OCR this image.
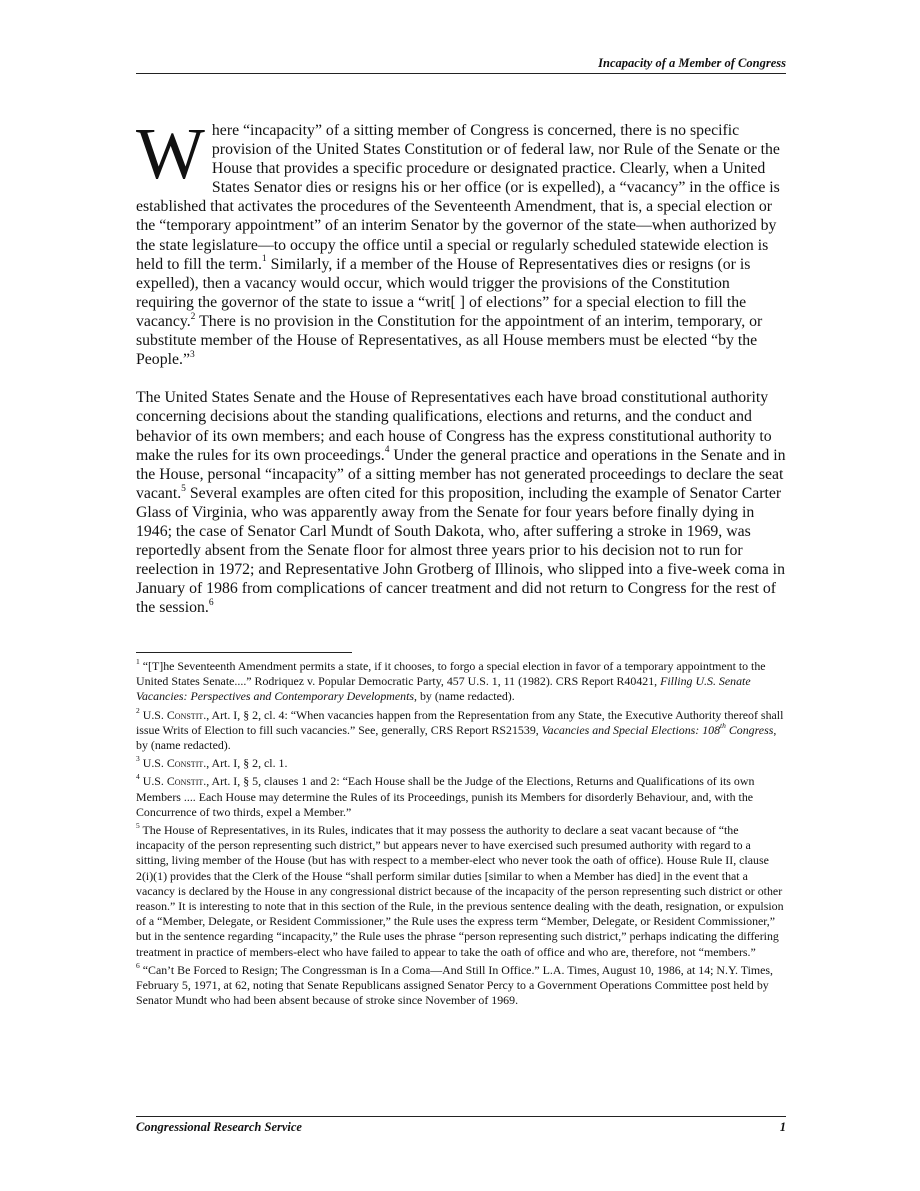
Incapacity of a Member of Congress

Where “incapacity” of a sitting member of Congress is concerned, there is no specific provision of the United States Constitution or of federal law, nor Rule of the Senate or the House that provides a specific procedure or designated practice. Clearly, when a United States Senator dies or resigns his or her office (or is expelled), a “vacancy” in the office is established that activates the procedures of the Seventeenth Amendment, that is, a special election or the “temporary appointment” of an interim Senator by the governor of the state—when authorized by the state legislature—to occupy the office until a special or regularly scheduled statewide election is held to fill the term.$^1$ Similarly, if a member of the House of Representatives dies or resigns (or is expelled), then a vacancy would occur, which would trigger the provisions of the Constitution requiring the governor of the state to issue a “writ[ ] of elections” for a special election to fill the vacancy.$^2$ There is no provision in the Constitution for the appointment of an interim, temporary, or substitute member of the House of Representatives, as all House members must be elected “by the People.”$^3$

The United States Senate and the House of Representatives each have broad constitutional authority concerning decisions about the standing qualifications, elections and returns, and the conduct and behavior of its own members; and each house of Congress has the express constitutional authority to make the rules for its own proceedings.$^4$ Under the general practice and operations in the Senate and in the House, personal “incapacity” of a sitting member has not generated proceedings to declare the seat vacant.$^5$ Several examples are often cited for this proposition, including the example of Senator Carter Glass of Virginia, who was apparently away from the Senate for four years before finally dying in 1946; the case of Senator Carl Mundt of South Dakota, who, after suffering a stroke in 1969, was reportedly absent from the Senate floor for almost three years prior to his decision not to run for reelection in 1972; and Representative John Grotberg of Illinois, who slipped into a five-week coma in January of 1986 from complications of cancer treatment and did not return to Congress for the rest of the session.$^6$

$^1$ “[T]he Seventeenth Amendment permits a state, if it chooses, to forgo a special election in favor of a temporary appointment to the United States Senate....” Rodriquez v. Popular Democratic Party, 457 U.S. 1, 11 (1982). CRS Report R40421, Filling U.S. Senate Vacancies: Perspectives and Contemporary Developments, by (name redacted).

$^2$ U.S. Constit., Art. I, § 2, cl. 4: “When vacancies happen from the Representation from any State, the Executive Authority thereof shall issue Writs of Election to fill such vacancies.” See, generally, CRS Report RS21539, Vacancies and Special Elections: 108th Congress, by (name redacted).

$^3$ U.S. Constit., Art. I, § 2, cl. 1.

$^4$ U.S. Constit., Art. I, § 5, clauses 1 and 2: “Each House shall be the Judge of the Elections, Returns and Qualifications of its own Members .... Each House may determine the Rules of its Proceedings, punish its Members for disorderly Behaviour, and, with the Concurrence of two thirds, expel a Member.”

$^5$ The House of Representatives, in its Rules, indicates that it may possess the authority to declare a seat vacant because of “the incapacity of the person representing such district,” but appears never to have exercised such presumed authority with regard to a sitting, living member of the House (but has with respect to a member-elect who never took the oath of office). House Rule II, clause 2(i)(1) provides that the Clerk of the House “shall perform similar duties [similar to when a Member has died] in the event that a vacancy is declared by the House in any congressional district because of the incapacity of the person representing such district or other reason.” It is interesting to note that in this section of the Rule, in the previous sentence dealing with the death, resignation, or expulsion of a “Member, Delegate, or Resident Commissioner,” the Rule uses the express term “Member, Delegate, or Resident Commissioner,” but in the sentence regarding “incapacity,” the Rule uses the phrase “person representing such district,” perhaps indicating the differing treatment in practice of members-elect who have failed to appear to take the oath of office and who are, therefore, not “members.”

$^6$ “Can’t Be Forced to Resign; The Congressman is In a Coma—And Still In Office.” L.A. Times, August 10, 1986, at 14; N.Y. Times, February 5, 1971, at 62, noting that Senate Republicans assigned Senator Percy to a Government Operations Committee post held by Senator Mundt who had been absent because of stroke since November of 1969.

Congressional Research Service	1
